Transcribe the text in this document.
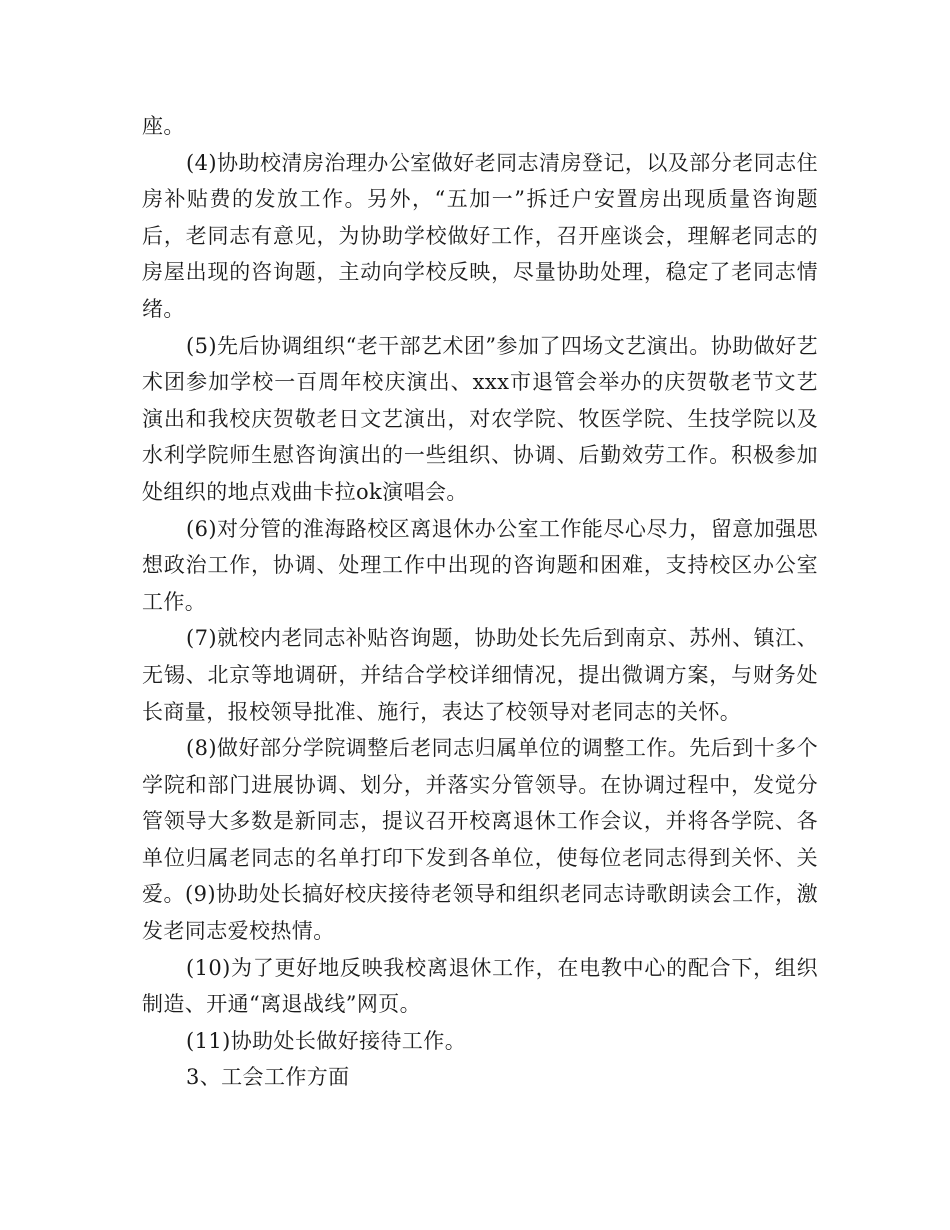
座。

(4)协助校清房治理办公室做好老同志清房登记，以及部分老同志住房补贴费的发放工作。另外，“五加一”拆迁户安置房出现质量咨询题后，老同志有意见，为协助学校做好工作，召开座谈会，理解老同志的房屋出现的咨询题，主动向学校反映，尽量协助处理，稳定了老同志情绪。

(5)先后协调组织“老干部艺术团”参加了四场文艺演出。协助做好艺术团参加学校一百周年校庆演出、xxx市退管会举办的庆贺敬老节文艺演出和我校庆贺敬老日文艺演出，对农学院、牧医学院、生技学院以及水利学院师生慰咨询演出的一些组织、协调、后勤效劳工作。积极参加处组织的地点戏曲卡拉ok演唱会。

(6)对分管的淮海路校区离退休办公室工作能尽心尽力，留意加强思想政治工作，协调、处理工作中出现的咨询题和困难，支持校区办公室工作。

(7)就校内老同志补贴咨询题，协助处长先后到南京、苏州、镇江、无锡、北京等地调研，并结合学校详细情况，提出微调方案，与财务处长商量，报校领导批准、施行，表达了校领导对老同志的关怀。

(8)做好部分学院调整后老同志归属单位的调整工作。先后到十多个学院和部门进展协调、划分，并落实分管领导。在协调过程中，发觉分管领导大多数是新同志，提议召开校离退休工作会议，并将各学院、各单位归属老同志的名单打印下发到各单位，使每位老同志得到关怀、关爱。(9)协助处长搞好校庆接待老领导和组织老同志诗歌朗读会工作，激发老同志爱校热情。

(10)为了更好地反映我校离退休工作，在电教中心的配合下，组织制造、开通“离退战线”网页。

(11)协助处长做好接待工作。

3、工会工作方面
